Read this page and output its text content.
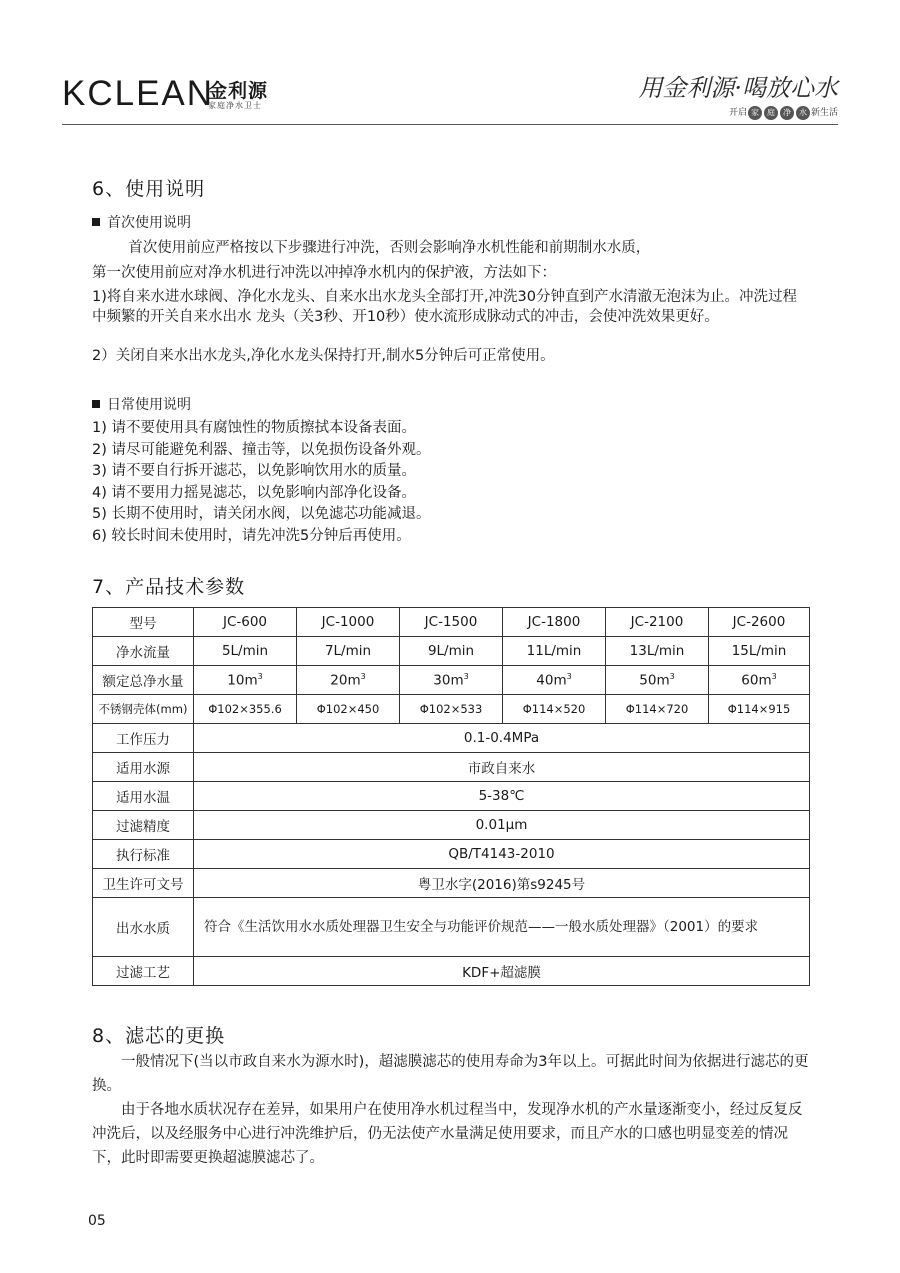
KCLEAN
金利源
家庭净水卫士
用金利源·喝放心水
开启 家 庭 净 水 新生活
6、使用说明
首次使用说明
首次使用前应严格按以下步骤进行冲洗，否则会影响净水机性能和前期制水水质，
第一次使用前应对净水机进行冲洗以冲掉净水机内的保护液，方法如下：
1)将自来水进水球阀、净化水龙头、自来水出水龙头全部打开,冲洗30分钟直到产水清澈无泡沫为止。冲洗过程中频繁的开关自来水出水 龙头（关3秒、开10秒）使水流形成脉动式的冲击，会使冲洗效果更好。
2）关闭自来水出水龙头,净化水龙头保持打开,制水5分钟后可正常使用。
日常使用说明
1) 请不要使用具有腐蚀性的物质擦拭本设备表面。
2) 请尽可能避免利器、撞击等，以免损伤设备外观。
3) 请不要自行拆开滤芯，以免影响饮用水的质量。
4) 请不要用力摇晃滤芯，以免影响内部净化设备。
5) 长期不使用时，请关闭水阀，以免滤芯功能减退。
6) 较长时间未使用时，请先冲洗5分钟后再使用。
7、产品技术参数
型号	JC-600	JC-1000	JC-1500	JC-1800	JC-2100	JC-2600
净水流量	5L/min	7L/min	9L/min	11L/min	13L/min	15L/min
额定总净水量	$10m^3$	$20m^3$	$30m^3$	$40m^3$	$50m^3$	$60m^3$
不锈钢壳体(mm)	Φ102×355.6	Φ102×450	Φ102×533	Φ114×520	Φ114×720	Φ114×915
工作压力	0.1-0.4MPa					
适用水源	市政自来水					
适用水温	5-38℃					
过滤精度	0.01μm					
执行标准	QB/T4143-2010					
卫生许可文号	粤卫水字(2016)第s9245号					
出水水质	符合《生活饮用水水质处理器卫生安全与功能评价规范——一般水质处理器》（2001）的要求					
过滤工艺	KDF+超滤膜					
8、滤芯的更换
一般情况下(当以市政自来水为源水时)，超滤膜滤芯的使用寿命为3年以上。可据此时间为依据进行滤芯的更换。
由于各地水质状况存在差异，如果用户在使用净水机过程当中，发现净水机的产水量逐渐变小，经过反复反冲洗后，以及经服务中心进行冲洗维护后，仍无法使产水量满足使用要求，而且产水的口感也明显变差的情况下，此时即需要更换超滤膜滤芯了。
05
